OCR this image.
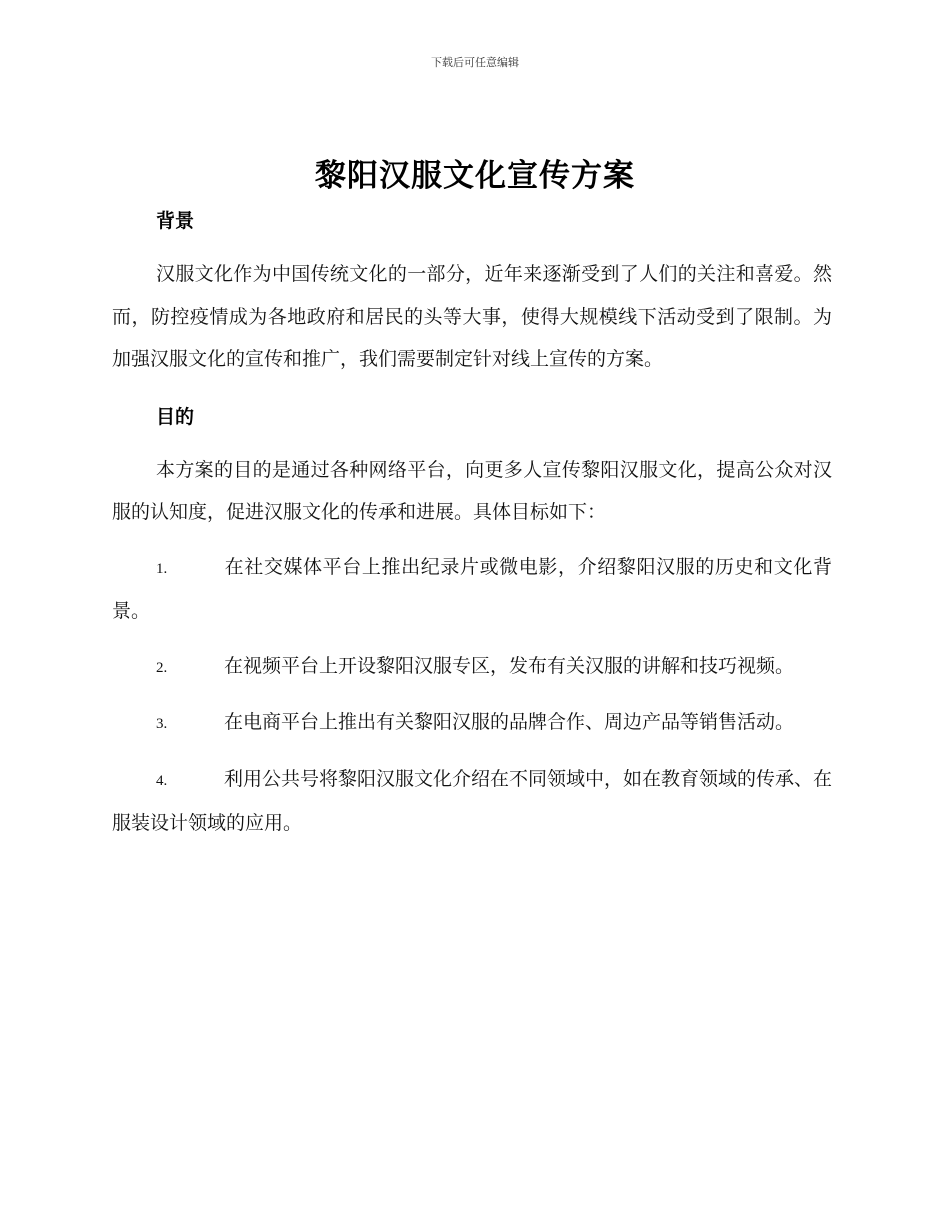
下载后可任意编辑
黎阳汉服文化宣传方案

背景

汉服文化作为中国传统文化的一部分，近年来逐渐受到了人们的关注和喜爱。然而，防控疫情成为各地政府和居民的头等大事，使得大规模线下活动受到了限制。为加强汉服文化的宣传和推广，我们需要制定针对线上宣传的方案。

目的

本方案的目的是通过各种网络平台，向更多人宣传黎阳汉服文化，提高公众对汉服的认知度，促进汉服文化的传承和进展。具体目标如下：

1.	在社交媒体平台上推出纪录片或微电影，介绍黎阳汉服的历史和文化背景。

2.	在视频平台上开设黎阳汉服专区，发布有关汉服的讲解和技巧视频。

3.	在电商平台上推出有关黎阳汉服的品牌合作、周边产品等销售活动。

4.	利用公共号将黎阳汉服文化介绍在不同领域中，如在教育领域的传承、在服装设计领域的应用。
